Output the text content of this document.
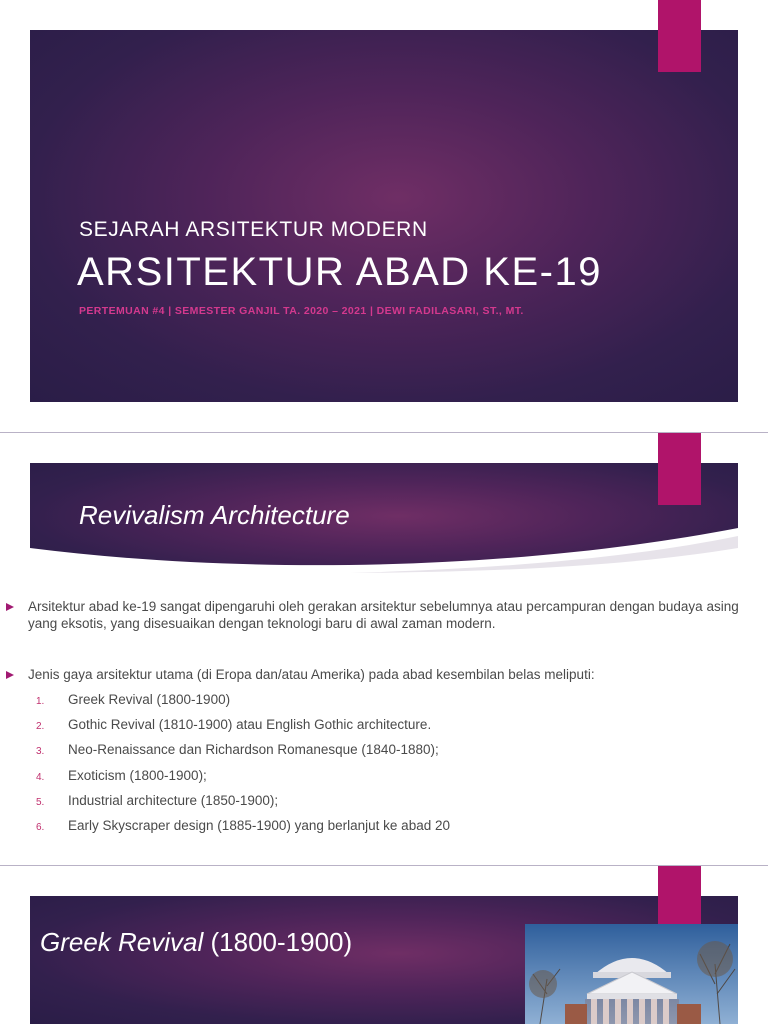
SEJARAH ARSITEKTUR MODERN
ARSITEKTUR ABAD KE-19
PERTEMUAN #4 | SEMESTER GANJIL TA. 2020 – 2021 | DEWI FADILASARI, ST., MT.
Revivalism Architecture
Arsitektur abad ke-19 sangat dipengaruhi oleh gerakan arsitektur sebelumnya atau percampuran dengan budaya asing yang eksotis, yang disesuaikan dengan teknologi baru di awal zaman modern.
Jenis gaya arsitektur utama (di Eropa dan/atau Amerika) pada abad kesembilan belas meliputi:
1. Greek Revival (1800-1900)
2. Gothic Revival (1810-1900) atau English Gothic architecture.
3. Neo-Renaissance dan Richardson Romanesque (1840-1880);
4. Exoticism (1800-1900);
5. Industrial architecture (1850-1900);
6. Early Skyscraper design (1885-1900) yang berlanjut ke abad 20
Greek Revival (1800-1900)
